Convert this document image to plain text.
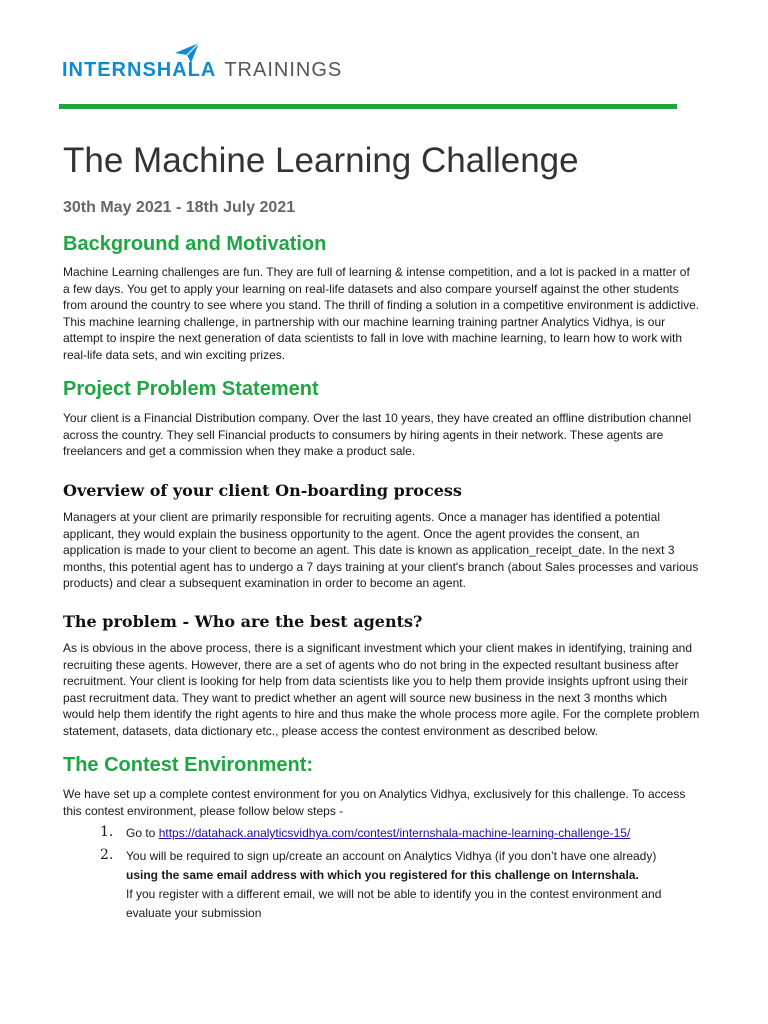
INTERN SHALA TRAININGS
The Machine Learning Challenge

30th May 2021 - 18th July 2021

Background and Motivation
Machine Learning challenges are fun. They are full of learning & intense competition, and a lot is packed in a matter of
a few days. You get to apply your learning on real-life datasets and also compare yourself against the other students
from around the country to see where you stand. The thrill of finding a solution in a competitive environment is addictive.
This machine learning challenge, in partnership with our machine learning training partner Analytics Vidhya, is our
attempt to inspire the next generation of data scientists to fall in love with machine learning, to learn how to work with
real-life data sets, and win exciting prizes.
Project Problem Statement
Your client is a Financial Distribution company. Over the last 10 years, they have created an offline distribution channel
across the country. They sell Financial products to consumers by hiring agents in their network. These agents are
freelancers and get a commission when they make a product sale.
Overview of your client On-boarding process
Managers at your client are primarily responsible for recruiting agents. Once a manager has identified a potential
applicant, they would explain the business opportunity to the agent. Once the agent provides the consent, an
application is made to your client to become an agent. This date is known as application_receipt_date. In the next 3
months, this potential agent has to undergo a 7 days training at your client's branch (about Sales processes and various
products) and clear a subsequent examination in order to become an agent.
The problem - Who are the best agents?
As is obvious in the above process, there is a significant investment which your client makes in identifying, training and
recruiting these agents. However, there are a set of agents who do not bring in the expected resultant business after
recruitment. Your client is looking for help from data scientists like you to help them provide insights upfront using their
past recruitment data. They want to predict whether an agent will source new business in the next 3 months which
would help them identify the right agents to hire and thus make the whole process more agile. For the complete problem
statement, datasets, data dictionary etc., please access the contest environment as described below.
The Contest Environment:
We have set up a complete contest environment for you on Analytics Vidhya, exclusively for this challenge. To access
this contest environment, please follow below steps -
1. Go to https://datahack.analyticsvidhya.com/contest/internshala-machine-learning-challenge-15/
2. You will be required to sign up/create an account on Analytics Vidhya (if you don’t have one already)
using the same email address with which you registered for this challenge on Internshala.
If you register with a different email, we will not be able to identify you in the contest environment and
evaluate your submission
